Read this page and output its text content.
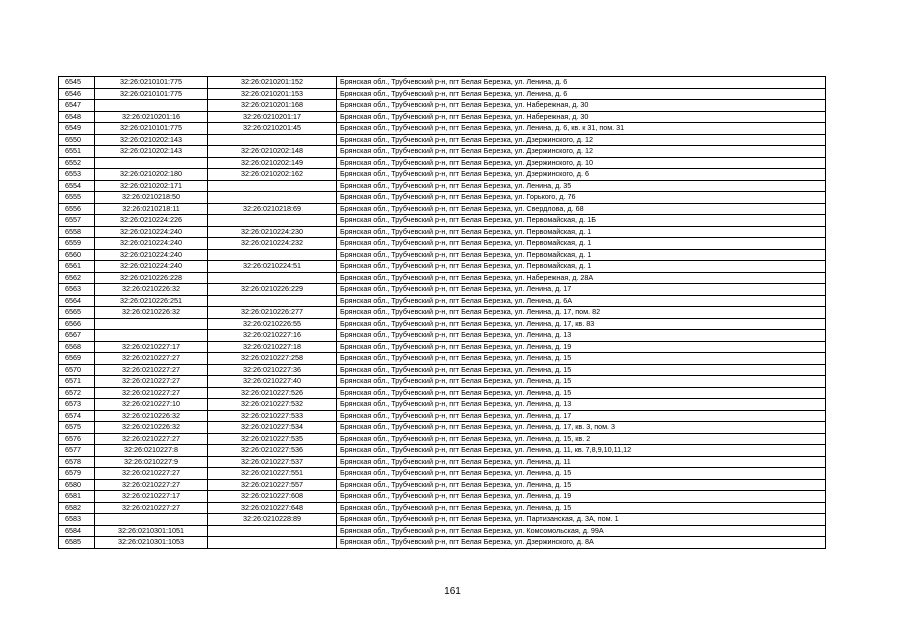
6545	32:26:0210101:775	32:26:0210201:152	Брянская обл., Трубчевский р-н, пгт Белая Березка, ул. Ленина, д. 6
6546	32:26:0210101:775	32:26:0210201:153	Брянская обл., Трубчевский р-н, пгт Белая Березка, ул. Ленина, д. 6
6547		32:26:0210201:168	Брянская обл., Трубчевский р-н, пгт Белая Березка, ул. Набережная, д. 30
6548	32:26:0210201:16	32:26:0210201:17	Брянская обл., Трубчевский р-н, пгт Белая Березка, ул. Набережная, д. 30
6549	32:26:0210101:775	32:26:0210201:45	Брянская обл., Трубчевский р-н, пгт Белая Березка, ул. Ленина, д. 6, кв. к 31, пом. 31
6550	32:26:0210202:143		Брянская обл., Трубчевский р-н, пгт Белая Березка, ул. Дзержинского, д. 12
6551	32:26:0210202:143	32:26:0210202:148	Брянская обл., Трубчевский р-н, пгт Белая Березка, ул. Дзержинского, д. 12
6552		32:26:0210202:149	Брянская обл., Трубчевский р-н, пгт Белая Березка, ул. Дзержинского, д. 10
6553	32:26:0210202:180	32:26:0210202:162	Брянская обл., Трубчевский р-н, пгт Белая Березка, ул. Дзержинского, д. 6
6554	32:26:0210202:171		Брянская обл., Трубчевский р-н, пгт Белая Березка, ул. Ленина, д. 35
6555	32:26:0210218:50		Брянская обл., Трубчевский р-н, пгт Белая Березка, ул. Горького, д. 76
6556	32:26:0210218:11	32:26:0210218:69	Брянская обл., Трубчевский р-н, пгт Белая Березка, ул. Свердлова, д. 68
6557	32:26:0210224:226		Брянская обл., Трубчевский р-н, пгт Белая Березка, ул. Первомайская, д. 1Б
6558	32:26:0210224:240	32:26:0210224:230	Брянская обл., Трубчевский р-н, пгт Белая Березка, ул. Первомайская, д. 1
6559	32:26:0210224:240	32:26:0210224:232	Брянская обл., Трубчевский р-н, пгт Белая Березка, ул. Первомайская, д. 1
6560	32:26:0210224:240		Брянская обл., Трубчевский р-н, пгт Белая Березка, ул. Первомайская, д. 1
6561	32:26:0210224:240	32:26:0210224:51	Брянская обл., Трубчевский р-н, пгт Белая Березка, ул. Первомайская, д. 1
6562	32:26:0210226:228		Брянская обл., Трубчевский р-н, пгт Белая Березка, ул. Набережная, д. 28А
6563	32:26:0210226:32	32:26:0210226:229	Брянская обл., Трубчевский р-н, пгт Белая Березка, ул. Ленина, д. 17
6564	32:26:0210226:251		Брянская обл., Трубчевский р-н, пгт Белая Березка, ул. Ленина, д. 6А
6565	32:26:0210226:32	32:26:0210226:277	Брянская обл., Трубчевский р-н, пгт Белая Березка, ул. Ленина, д. 17, пом. 82
6566		32:26:0210226:55	Брянская обл., Трубчевский р-н, пгт Белая Березка, ул. Ленина, д. 17, кв. 83
6567		32:26:0210227:16	Брянская обл., Трубчевский р-н, пгт Белая Березка, ул. Ленина, д. 13
6568	32:26:0210227:17	32:26:0210227:18	Брянская обл., Трубчевский р-н, пгт Белая Березка, ул. Ленина, д. 19
6569	32:26:0210227:27	32:26:0210227:258	Брянская обл., Трубчевский р-н, пгт Белая Березка, ул. Ленина, д. 15
6570	32:26:0210227:27	32:26:0210227:36	Брянская обл., Трубчевский р-н, пгт Белая Березка, ул. Ленина, д. 15
6571	32:26:0210227:27	32:26:0210227:40	Брянская обл., Трубчевский р-н, пгт Белая Березка, ул. Ленина, д. 15
6572	32:26:0210227:27	32:26:0210227:526	Брянская обл., Трубчевский р-н, пгт Белая Березка, ул. Ленина, д. 15
6573	32:26:0210227:10	32:26:0210227:532	Брянская обл., Трубчевский р-н, пгт Белая Березка, ул. Ленина, д. 13
6574	32:26:0210226:32	32:26:0210227:533	Брянская обл., Трубчевский р-н, пгт Белая Березка, ул. Ленина, д. 17
6575	32:26:0210226:32	32:26:0210227:534	Брянская обл., Трубчевский р-н, пгт Белая Березка, ул. Ленина, д. 17, кв. 3, пом. 3
6576	32:26:0210227:27	32:26:0210227:535	Брянская обл., Трубчевский р-н, пгт Белая Березка, ул. Ленина, д. 15, кв. 2
6577	32:26:0210227:8	32:26:0210227:536	Брянская обл., Трубчевский р-н, пгт Белая Березка, ул. Ленина, д. 11, кв. 7,8,9,10,11,12
6578	32:26:0210227:9	32:26:0210227:537	Брянская обл., Трубчевский р-н, пгт Белая Березка, ул. Ленина, д. 11
6579	32:26:0210227:27	32:26:0210227:551	Брянская обл., Трубчевский р-н, пгт Белая Березка, ул. Ленина, д. 15
6580	32:26:0210227:27	32:26:0210227:557	Брянская обл., Трубчевский р-н, пгт Белая Березка, ул. Ленина, д. 15
6581	32:26:0210227:17	32:26:0210227:608	Брянская обл., Трубчевский р-н, пгт Белая Березка, ул. Ленина, д. 19
6582	32:26:0210227:27	32:26:0210227:648	Брянская обл., Трубчевский р-н, пгт Белая Березка, ул. Ленина, д. 15
6583		32:26:0210228:89	Брянская обл., Трубчевский р-н, пгт Белая Березка, ул. Партизанская, д. 3А, пом. 1
6584	32:26:0210301:1051		Брянская обл., Трубчевский р-н, пгт Белая Березка, ул. Комсомольская, д. 99А
6585	32:26:0210301:1053		Брянская обл., Трубчевский р-н, пгт Белая Березка, ул. Дзержинского, д. 8А
161
